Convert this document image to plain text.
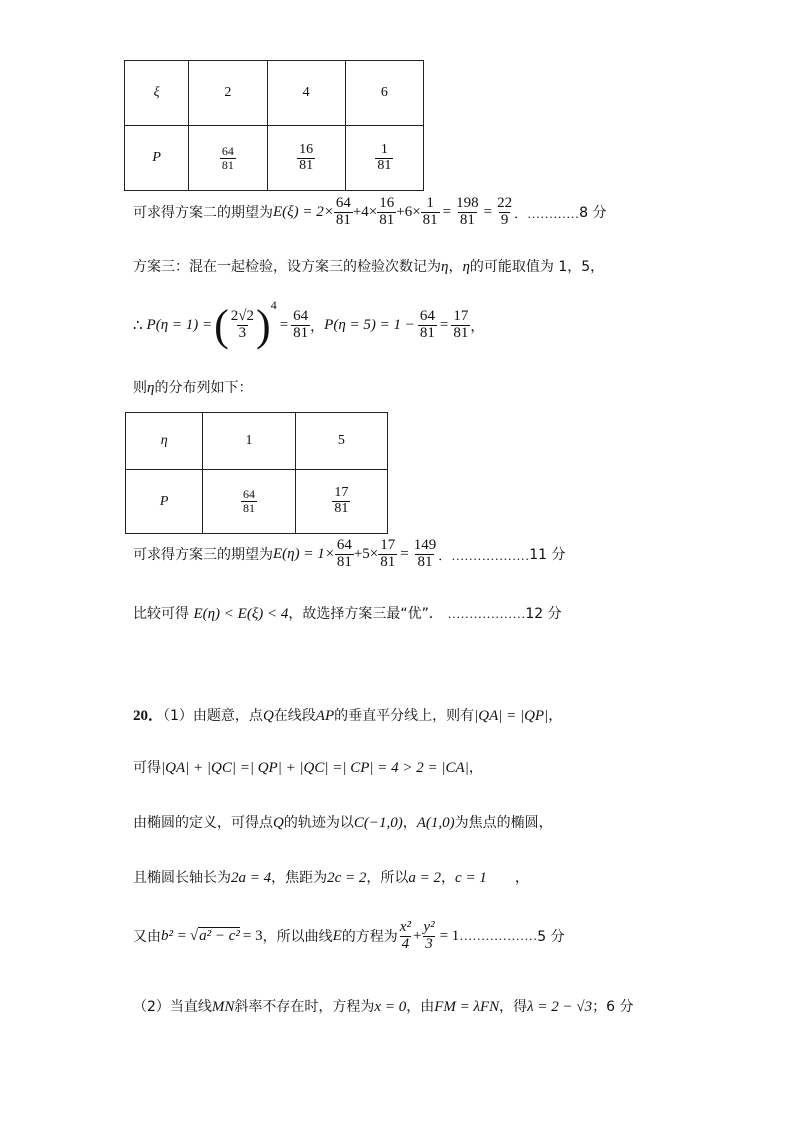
ξ	2	4	6
P	$\frac{64}{81}$	$\frac{16}{81}$	$\frac{1}{81}$
可求得方案二的期望为 $E(\xi) = 2\times \frac{64}{81} +4\times \frac{16}{81} +6\times \frac{1}{81} = \frac{198}{81} = \frac{22}{9}$ ．………… 8 分
方案三：混在一起检验，设方案三的检验次数记为η，η的可能取值为 1，5，
∴ P(η = 1) = ( $\frac{2√2}{3}$ ) 4
= $\frac{64}{81}$ ， $P(\eta = 5) = 1 - \frac{64}{81} = \frac{17}{81}$ ，
则η的分布列如下：
η	1	5
P	$\frac{64}{81}$	$\frac{17}{81}$
可求得方案三的期望为 $E(\eta) = 1\times \frac{64}{81} +5\times \frac{17}{81} = \frac{149}{81}$ ．……………… 11 分
比较可得 E(η) < E(ξ) < 4，故选择方案三最“优”． ………………12 分
20．（1）由题意，点Q在线段AP的垂直平分线上，则有|QA| = |QP|，
可得|QA| + |QC| =| QP| + |QC| =| CP| = 4 > 2 = |CA|，
由椭圆的定义，可得点Q的轨迹为以C(−1,0)，A(1,0)为焦点的椭圆，
且椭圆长轴长为2a = 4，焦距为2c = 2，所以a = 2，c = 1 ，
又由 b² = √ a² − c² = 3 ，所以曲线 E 的方程为 $\frac{\text{x²}}{4} + \frac{\text{y²}}{3} = 1$ ……………… 5 分
（2）当直线MN斜率不存在时，方程为x = 0，由FM = λFN，得λ = 2 − √3；6 分
